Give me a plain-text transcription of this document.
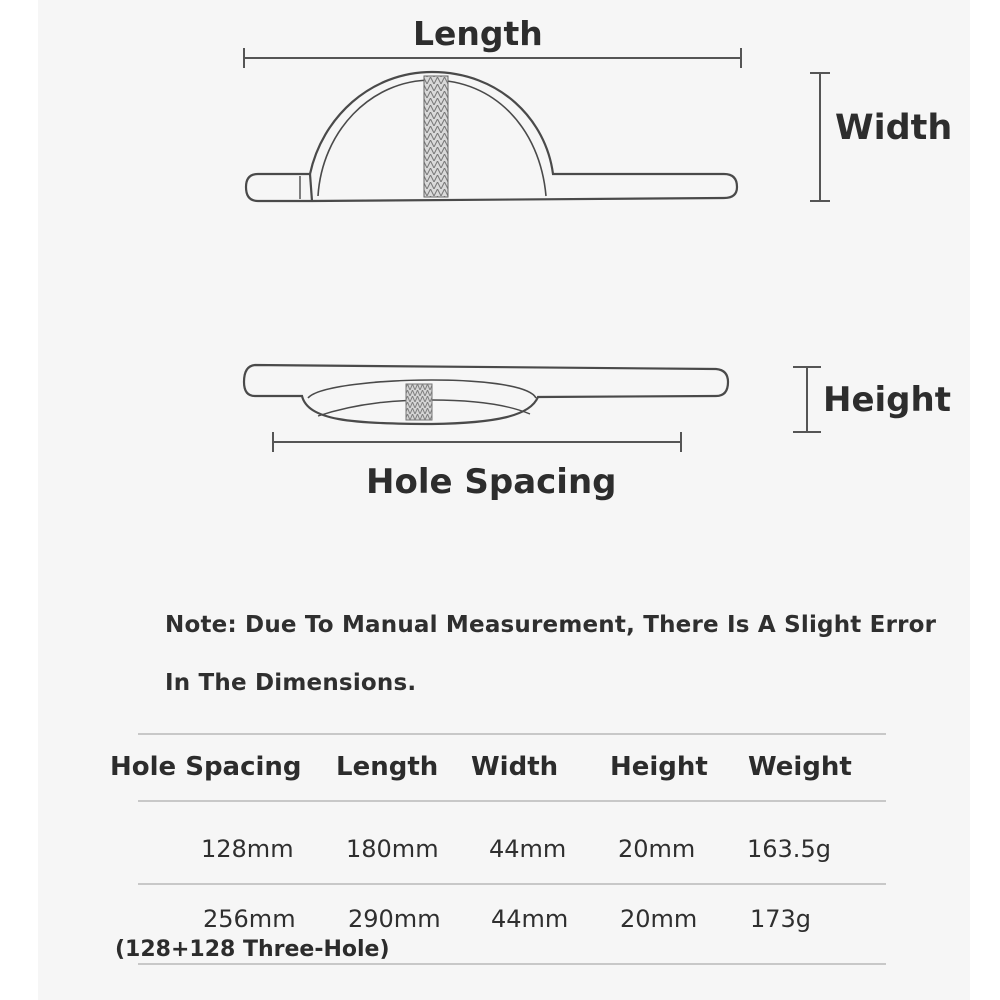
Length
Width
Height
Hole Spacing
Note: Due To Manual Measurement, There Is A Slight Error
In The Dimensions.
Hole Spacing Length Width Height Weight
128mm 180mm 44mm 20mm 163.5g
256mm 290mm 44mm 20mm 173g
(128+128 Three-Hole)
